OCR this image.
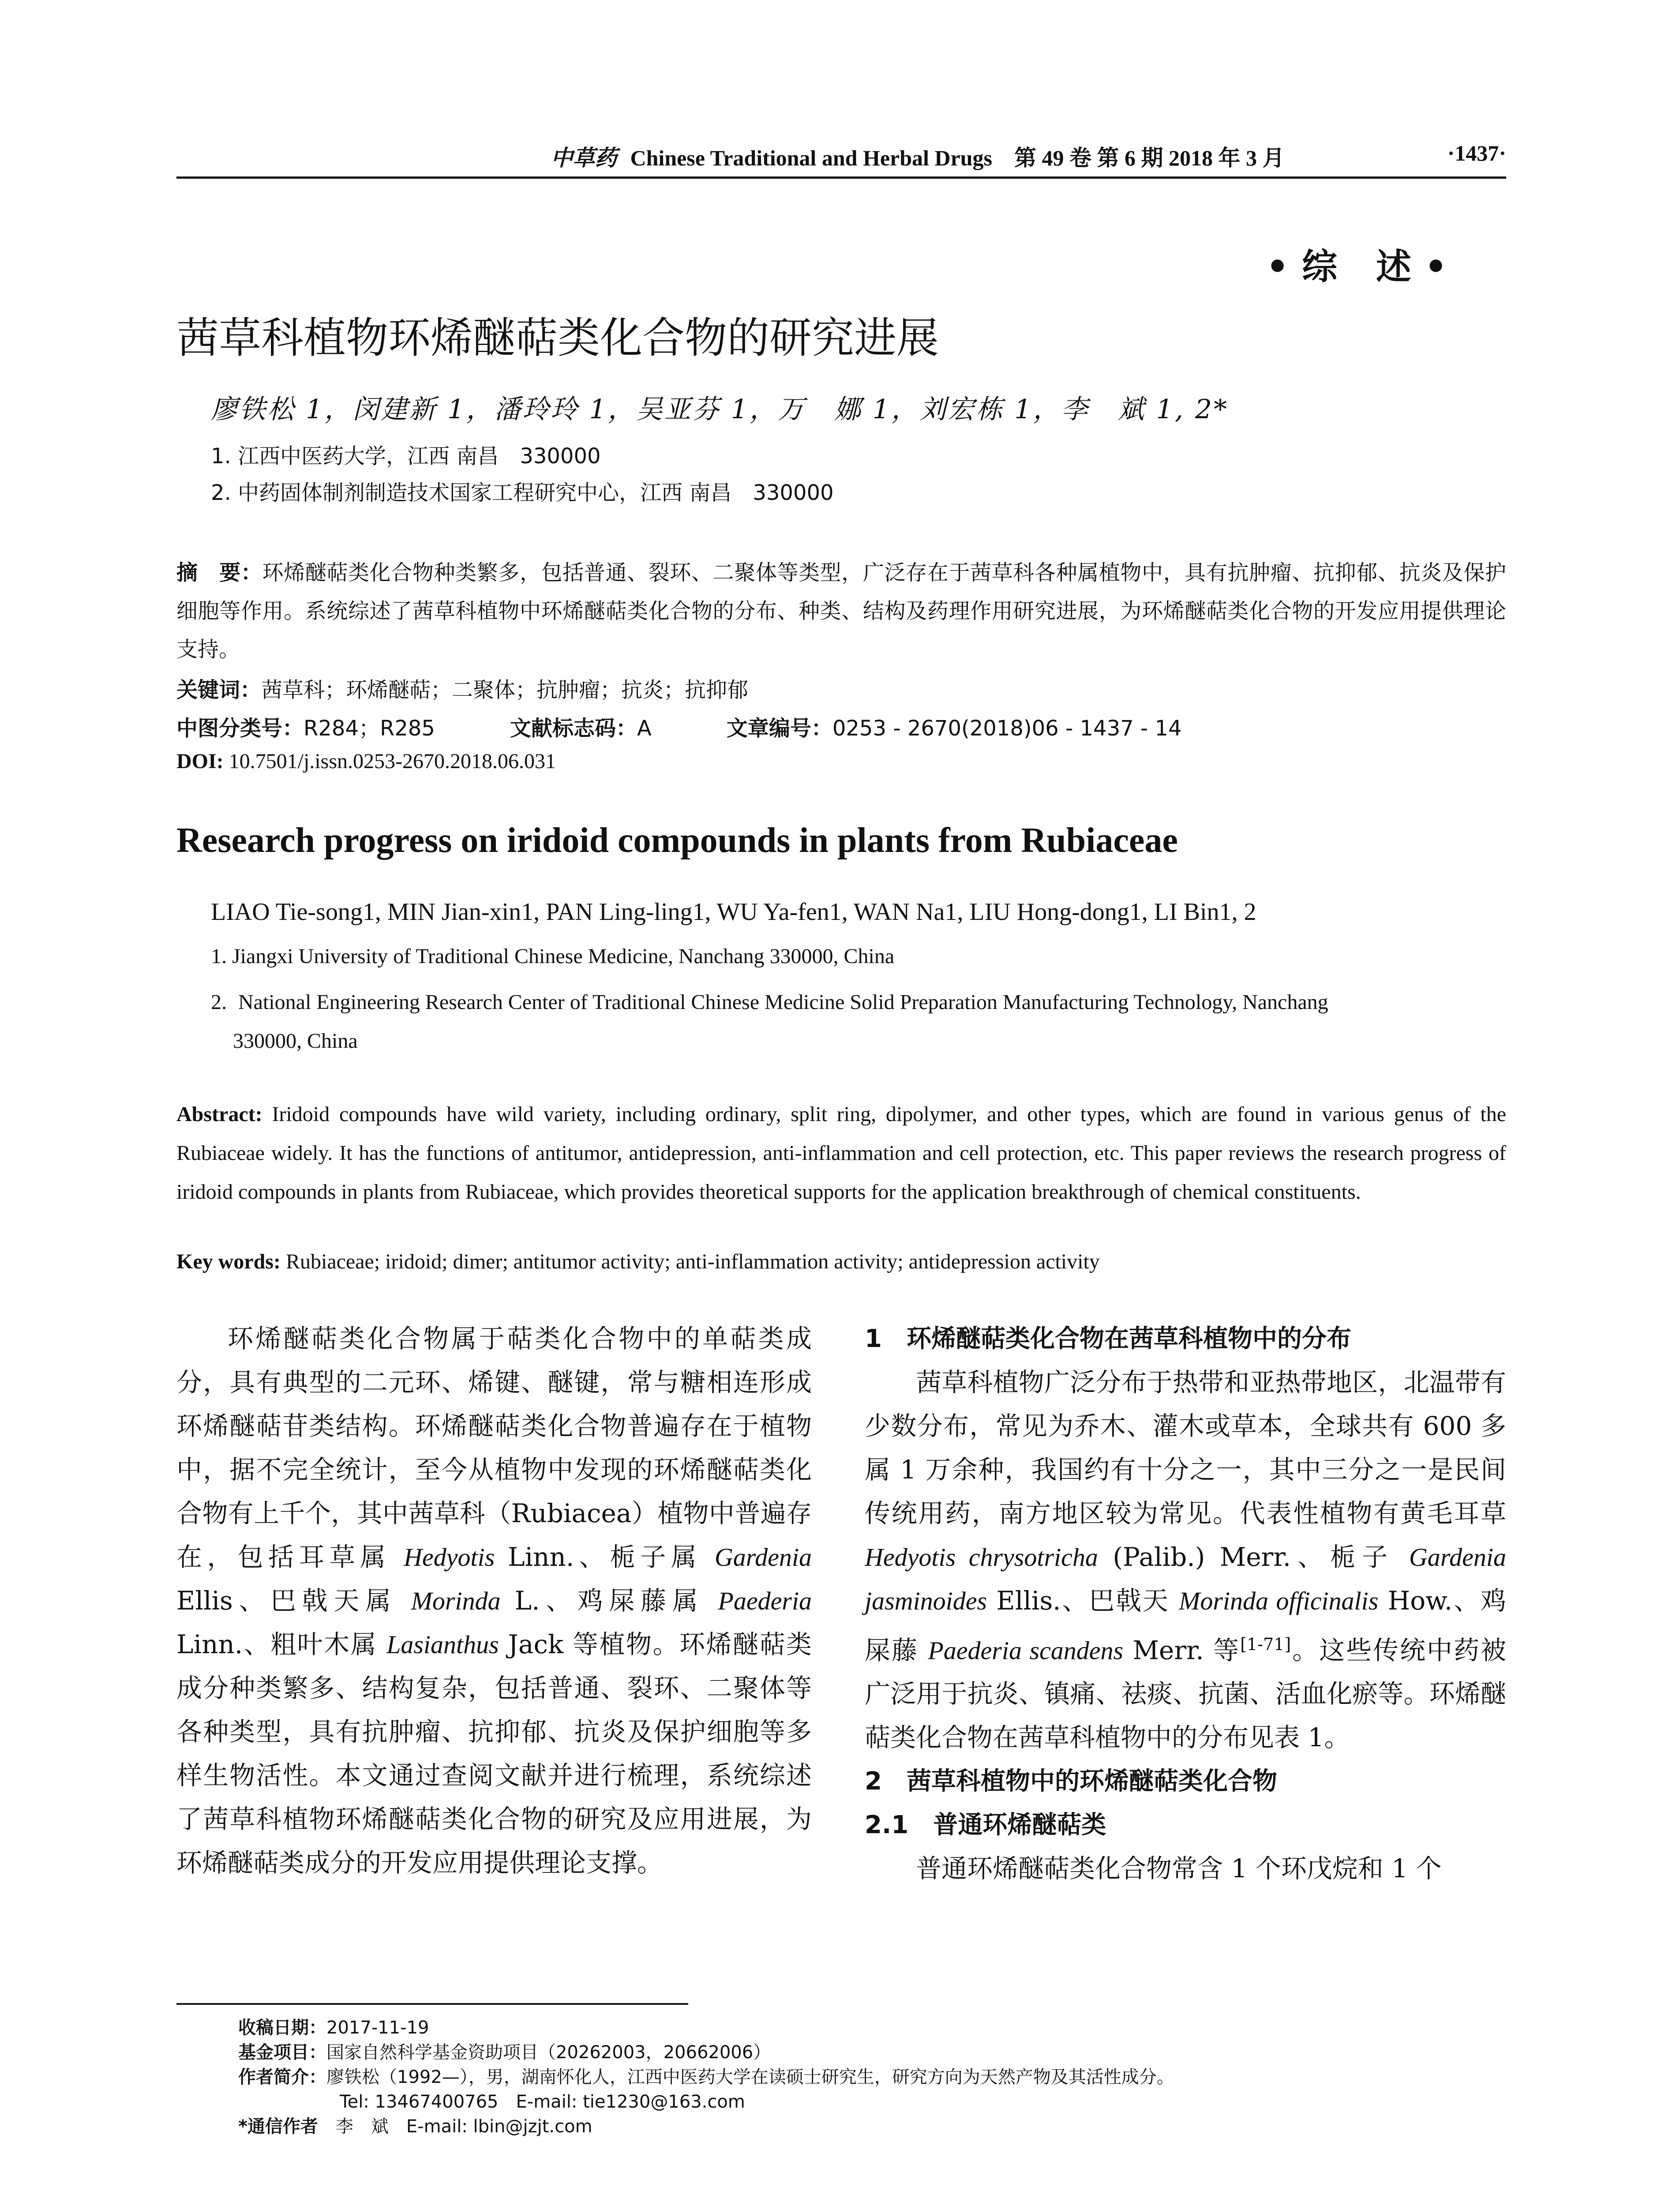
中草药 Chinese Traditional and Herbal Drugs　第 49 卷 第 6 期 2018 年 3 月	·1437·
•综 述•
茜草科植物环烯醚萜类化合物的研究进展
廖铁松 1，闵建新 1，潘玲玲 1，吴亚芬 1，万　娜 1，刘宏栋 1，李　斌 1, 2*
1. 江西中医药大学，江西 南昌　330000
2. 中药固体制剂制造技术国家工程研究中心，江西 南昌　330000
摘　要：环烯醚萜类化合物种类繁多，包括普通、裂环、二聚体等类型，广泛存在于茜草科各种属植物中，具有抗肿瘤、抗抑郁、抗炎及保护细胞等作用。系统综述了茜草科植物中环烯醚萜类化合物的分布、种类、结构及药理作用研究进展，为环烯醚萜类化合物的开发应用提供理论支持。
关键词：茜草科；环烯醚萜；二聚体；抗肿瘤；抗炎；抗抑郁
中图分类号：R284；R285	文献标志码：A	文章编号：0253 - 2670(2018)06 - 1437 - 14
DOI: 10.7501/j.issn.0253-2670.2018.06.031
Research progress on iridoid compounds in plants from Rubiaceae
LIAO Tie-song1, MIN Jian-xin1, PAN Ling-ling1, WU Ya-fen1, WAN Na1, LIU Hong-dong1, LI Bin1, 2
1. Jiangxi University of Traditional Chinese Medicine, Nanchang 330000, China
2. National Engineering Research Center of Traditional Chinese Medicine Solid Preparation Manufacturing Technology, Nanchang
330000, China
Abstract: Iridoid compounds have wild variety, including ordinary, split ring, dipolymer, and other types, which are found in various genus of the Rubiaceae widely. It has the functions of antitumor, antidepression, anti-inflammation and cell protection, etc. This paper reviews the research progress of iridoid compounds in plants from Rubiaceae, which provides theoretical supports for the application breakthrough of chemical constituents.
Key words: Rubiaceae; iridoid; dimer; antitumor activity; anti-inflammation activity; antidepression activity
环烯醚萜类化合物属于萜类化合物中的单萜类成分，具有典型的二元环、烯键、醚键，常与糖相连形成环烯醚萜苷类结构。环烯醚萜类化合物普遍存在于植物中，据不完全统计，至今从植物中发现的环烯醚萜类化合物有上千个，其中茜草科（Rubiacea）植物中普遍存在，包括耳草属 Hedyotis Linn.、栀子属 Gardenia Ellis、巴戟天属 Morinda L.、鸡屎藤属 Paederia Linn.、粗叶木属 Lasianthus Jack 等植物。环烯醚萜类成分种类繁多、结构复杂，包括普通、裂环、二聚体等各种类型，具有抗肿瘤、抗抑郁、抗炎及保护细胞等多样生物活性。本文通过查阅文献并进行梳理，系统综述了茜草科植物环烯醚萜类化合物的研究及应用进展，为环烯醚萜类成分的开发应用提供理论支撑。
1　环烯醚萜类化合物在茜草科植物中的分布
茜草科植物广泛分布于热带和亚热带地区，北温带有少数分布，常见为乔木、灌木或草本，全球共有 600 多属 1 万余种，我国约有十分之一，其中三分之一是民间传统用药，南方地区较为常见。代表性植物有黄毛耳草 Hedyotis chrysotricha (Palib.) Merr.、栀子 Gardenia jasminoides Ellis.、巴戟天 Morinda officinalis How.、鸡屎藤 Paederia scandens Merr. 等[1-71]。这些传统中药被广泛用于抗炎、镇痛、祛痰、抗菌、活血化瘀等。环烯醚萜类化合物在茜草科植物中的分布见表 1。
2　茜草科植物中的环烯醚萜类化合物
2.1　普通环烯醚萜类
普通环烯醚萜类化合物常含 1 个环戊烷和 1 个
收稿日期：2017-11-19
基金项目：国家自然科学基金资助项目（20262003，20662006）
作者简介：廖铁松（1992—），男，湖南怀化人，江西中医药大学在读硕士研究生，研究方向为天然产物及其活性成分。
Tel: 13467400765　E-mail: tie1230@163.com
*通信作者　李　斌　E-mail: lbin@jzjt.com
